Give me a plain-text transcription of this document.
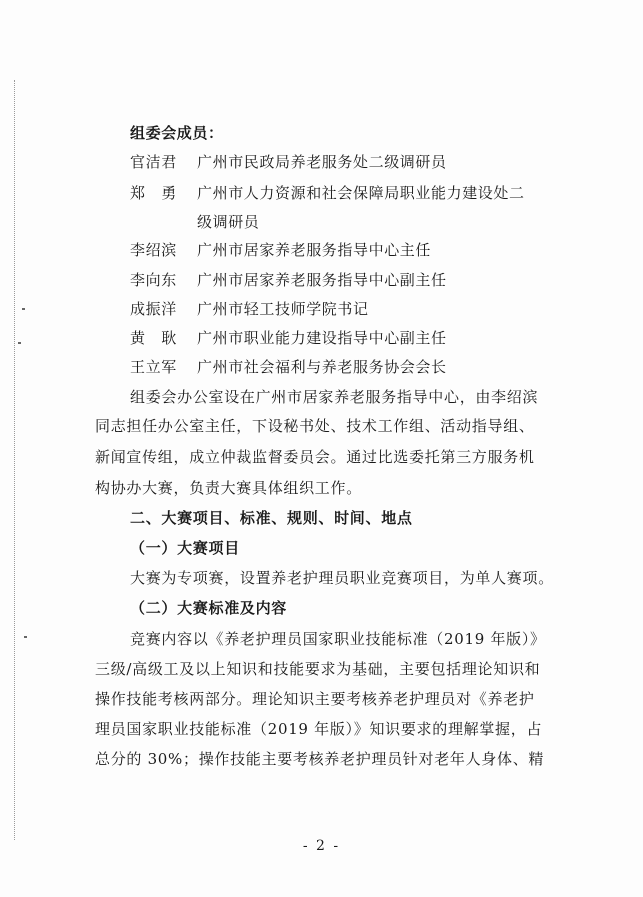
组委会成员：
官洁君	广州市民政局养老服务处二级调研员
郑　勇	广州市人力资源和社会保障局职业能力建设处二
级调研员
李绍滨	广州市居家养老服务指导中心主任
李向东	广州市居家养老服务指导中心副主任
成振洋	广州市轻工技师学院书记
黄　耿	广州市职业能力建设指导中心副主任
王立军	广州市社会福利与养老服务协会会长
组委会办公室设在广州市居家养老服务指导中心，由李绍滨
同志担任办公室主任，下设秘书处、技术工作组、活动指导组、
新闻宣传组，成立仲裁监督委员会。通过比选委托第三方服务机
构协办大赛，负责大赛具体组织工作。
二、大赛项目、标准、规则、时间、地点
（一）大赛项目
大赛为专项赛，设置养老护理员职业竞赛项目，为单人赛项。
（二）大赛标准及内容
竞赛内容以《养老护理员国家职业技能标准（2019 年版）》
三级/高级工及以上知识和技能要求为基础，主要包括理论知识和
操作技能考核两部分。理论知识主要考核养老护理员对《养老护
理员国家职业技能标准（2019 年版）》知识要求的理解掌握，占
总分的 30%；操作技能主要考核养老护理员针对老年人身体、精
- 2 -
